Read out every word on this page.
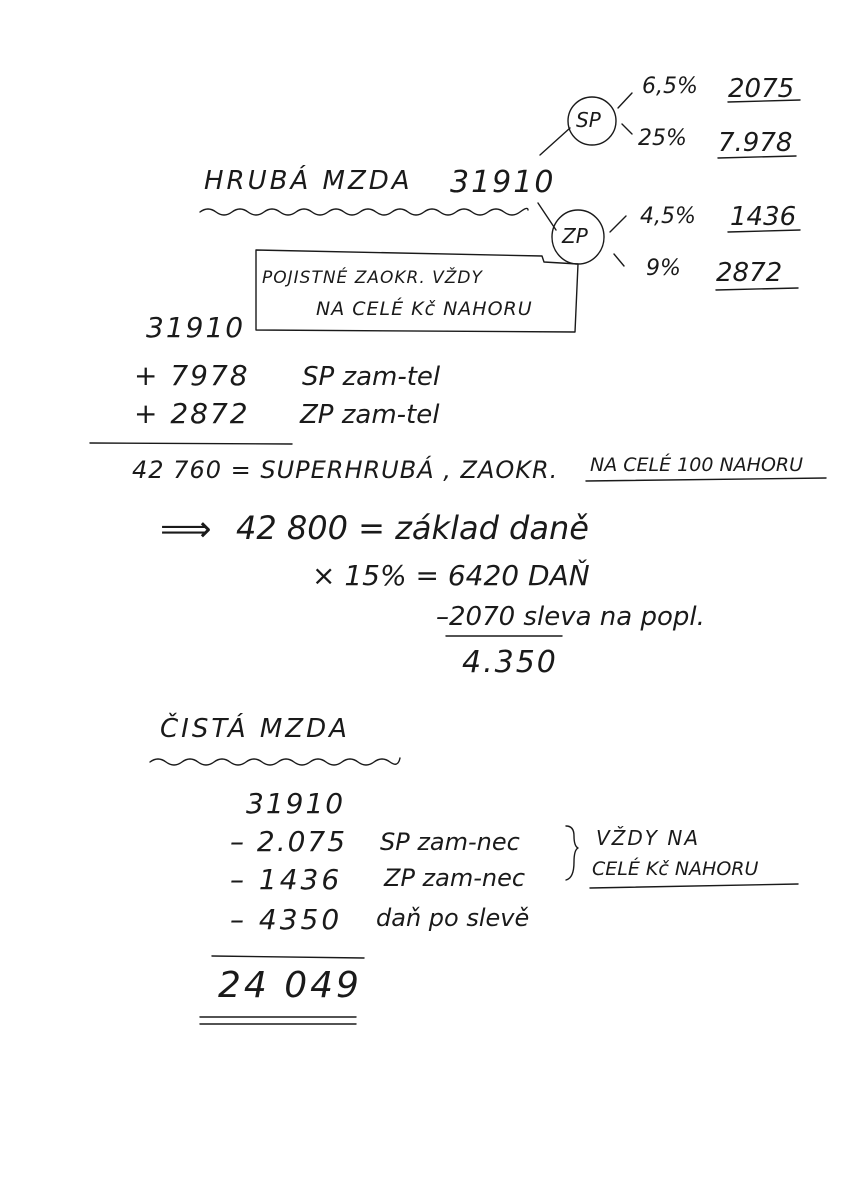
HRUBÁ MZDA 31910
SP
6,5% 2075
25% 7.978
ZP
4,5% 1436
9% 2872
POJISTNÉ ZAOKR. VŽDY
NA CELÉ Kč NAHORU
31910
+ 7978 SP zam-tel
+ 2872 ZP zam-tel
42 760 = SUPERHRUBÁ , ZAOKR. NA CELÉ 100 NAHORU
⟹ 42 800 = základ daně
× 15% = 6420 DAŇ
–2070 sleva na popl.
4.350
ČISTÁ MZDA
31910
– 2.075 SP zam-nec
– 1436 ZP zam-nec
– 4350 daň po slevě
VŽDY NA
CELÉ Kč NAHORU
24 049
